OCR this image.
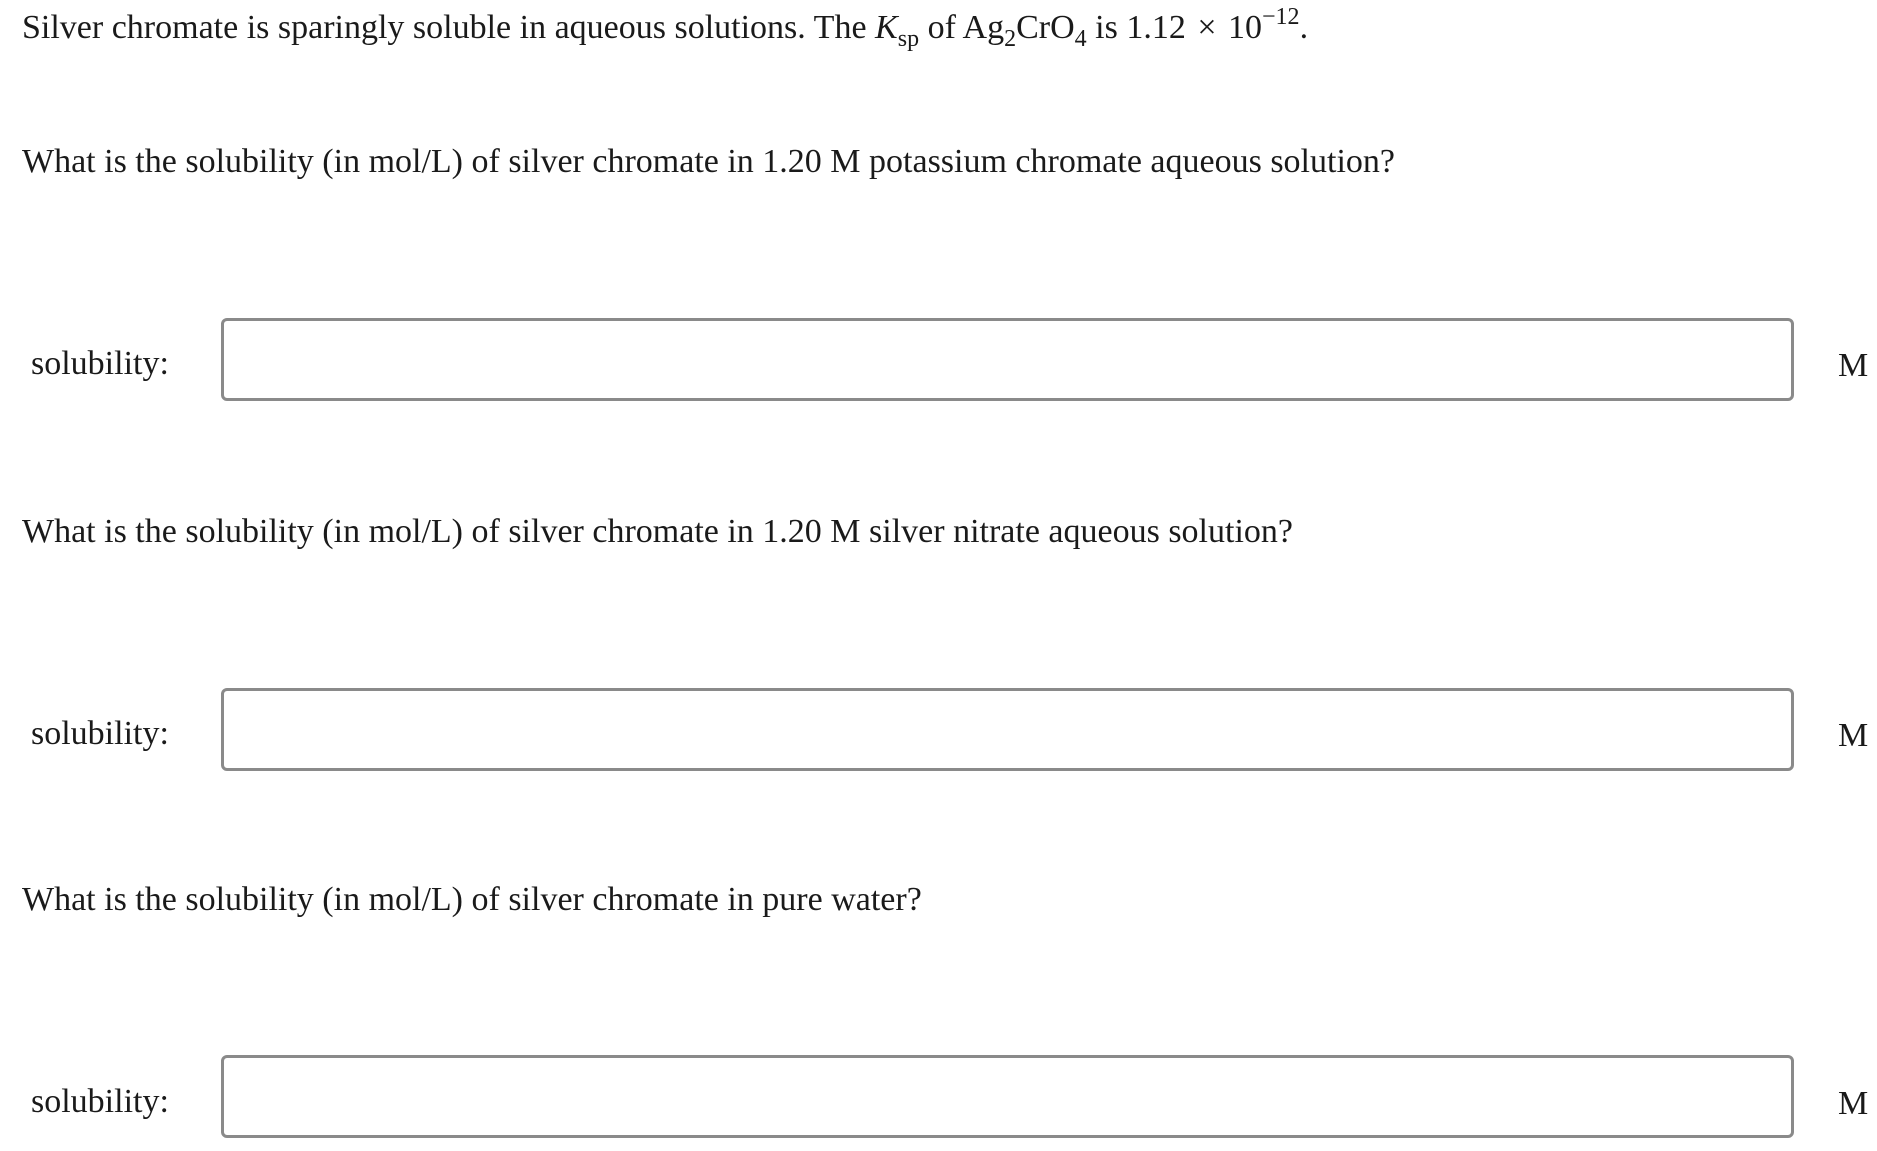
Silver chromate is sparingly soluble in aqueous solutions. The $K_{sp}$ of $Ag_2CrO_4$ is $1.12 \times 10^{-12}$.
What is the solubility (in mol/L) of silver chromate in 1.20 M potassium chromate aqueous solution?
solubility:	M
What is the solubility (in mol/L) of silver chromate in 1.20 M silver nitrate aqueous solution?
solubility:	M
What is the solubility (in mol/L) of silver chromate in pure water?
solubility:	M
